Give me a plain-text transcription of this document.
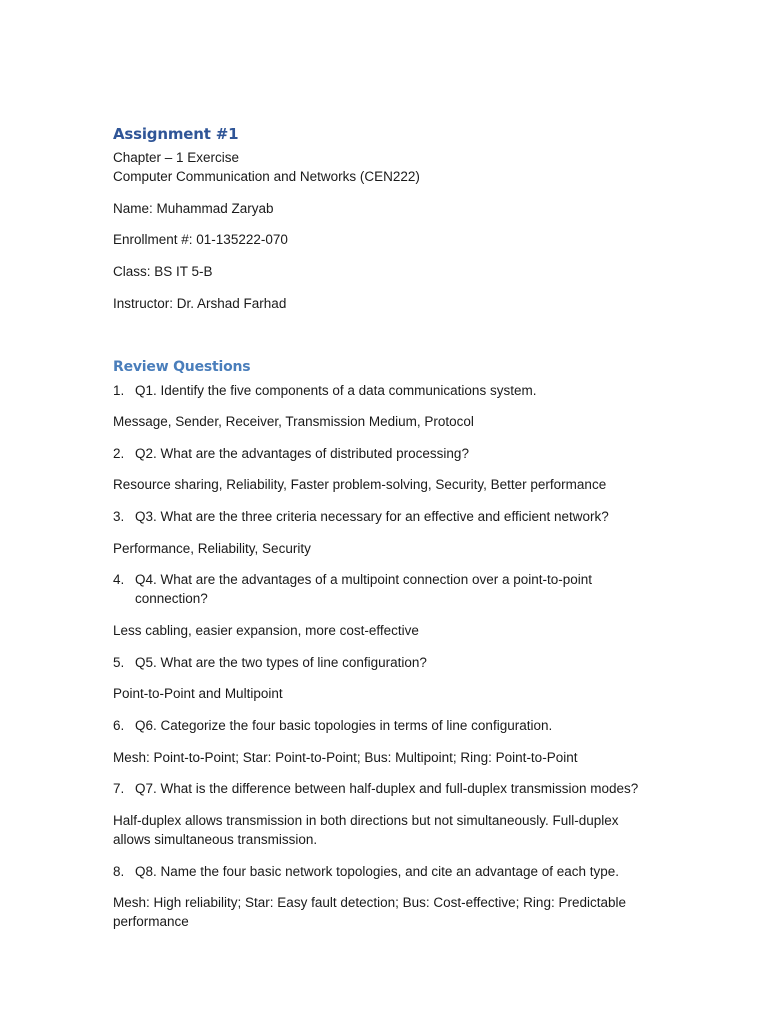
Assignment #1
Chapter – 1 Exercise
Computer Communication and Networks (CEN222)
Name: Muhammad Zaryab
Enrollment #: 01-135222-070
Class: BS IT 5-B
Instructor: Dr. Arshad Farhad
Review Questions
1. Q1. Identify the five components of a data communications system.
Message, Sender, Receiver, Transmission Medium, Protocol
2. Q2. What are the advantages of distributed processing?
Resource sharing, Reliability, Faster problem-solving, Security, Better performance
3. Q3. What are the three criteria necessary for an effective and efficient network?
Performance, Reliability, Security
4. Q4. What are the advantages of a multipoint connection over a point-to-point connection?
Less cabling, easier expansion, more cost-effective
5. Q5. What are the two types of line configuration?
Point-to-Point and Multipoint
6. Q6. Categorize the four basic topologies in terms of line configuration.
Mesh: Point-to-Point; Star: Point-to-Point; Bus: Multipoint; Ring: Point-to-Point
7. Q7. What is the difference between half-duplex and full-duplex transmission modes?
Half-duplex allows transmission in both directions but not simultaneously. Full-duplex allows simultaneous transmission.
8. Q8. Name the four basic network topologies, and cite an advantage of each type.
Mesh: High reliability; Star: Easy fault detection; Bus: Cost-effective; Ring: Predictable performance
